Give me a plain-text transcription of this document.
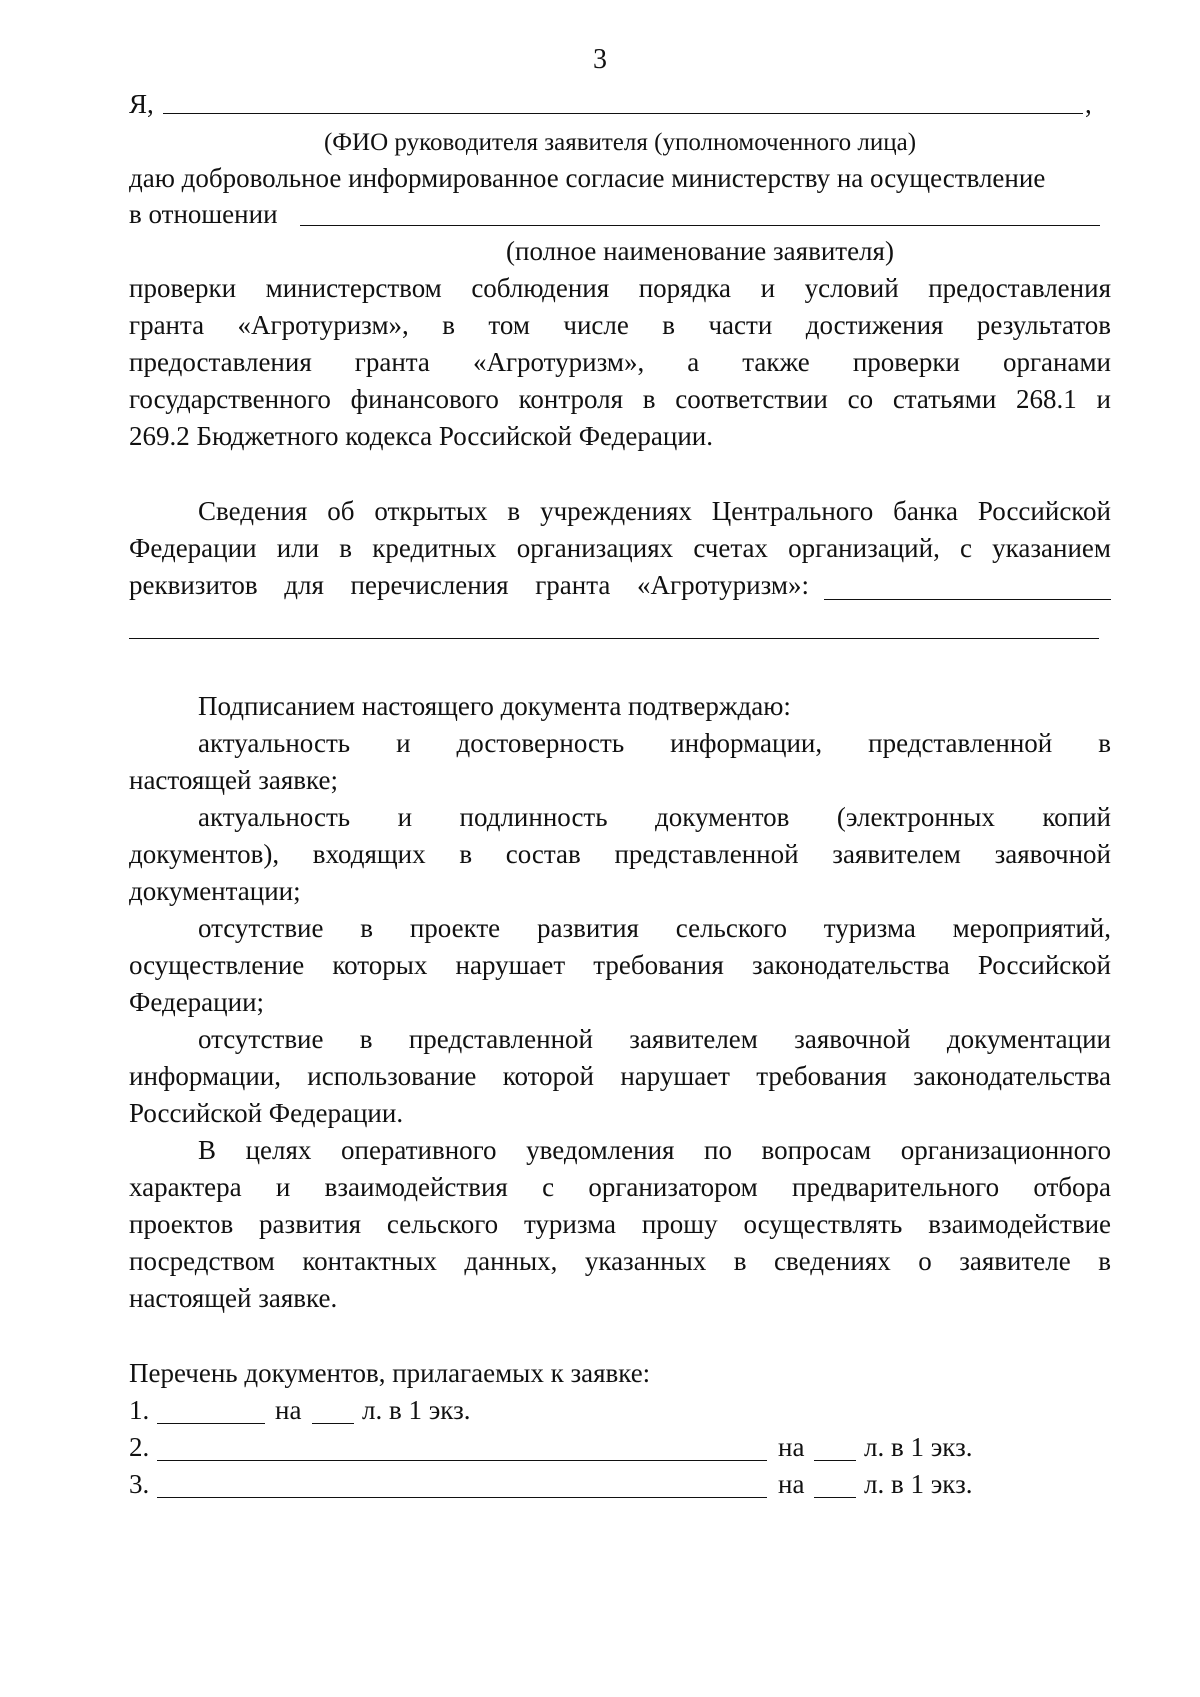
3
Я,	,
(ФИО руководителя заявителя (уполномоченного лица)
даю добровольное информированное согласие министерству на осуществление
в отношении
(полное наименование заявителя)
проверки министерством соблюдения порядка и условий предоставления
гранта «Агротуризм», в том числе в части достижения результатов
предоставления гранта «Агротуризм», а также проверки органами
государственного финансового контроля в соответствии со статьями 268.1 и
269.2 Бюджетного кодекса Российской Федерации.
Сведения об открытых в учреждениях Центрального банка Российской
Федерации или в кредитных организациях счетах организаций, с указанием
реквизитов для перечисления гранта «Агротуризм»:
Подписанием настоящего документа подтверждаю:
актуальность и достоверность информации, представленной в
настоящей заявке;
актуальность и подлинность документов (электронных копий
документов), входящих в состав представленной заявителем заявочной
документации;
отсутствие в проекте развития сельского туризма мероприятий,
осуществление которых нарушает требования законодательства Российской
Федерации;
отсутствие в представленной заявителем заявочной документации
информации, использование которой нарушает требования законодательства
Российской Федерации.
В целях оперативного уведомления по вопросам организационного
характера и взаимодействия с организатором предварительного отбора
проектов развития сельского туризма прошу осуществлять взаимодействие
посредством контактных данных, указанных в сведениях о заявителе в
настоящей заявке.
Перечень документов, прилагаемых к заявке:
1.	на л. в 1 экз.
2.	на л. в 1 экз.
3.	на л. в 1 экз.
